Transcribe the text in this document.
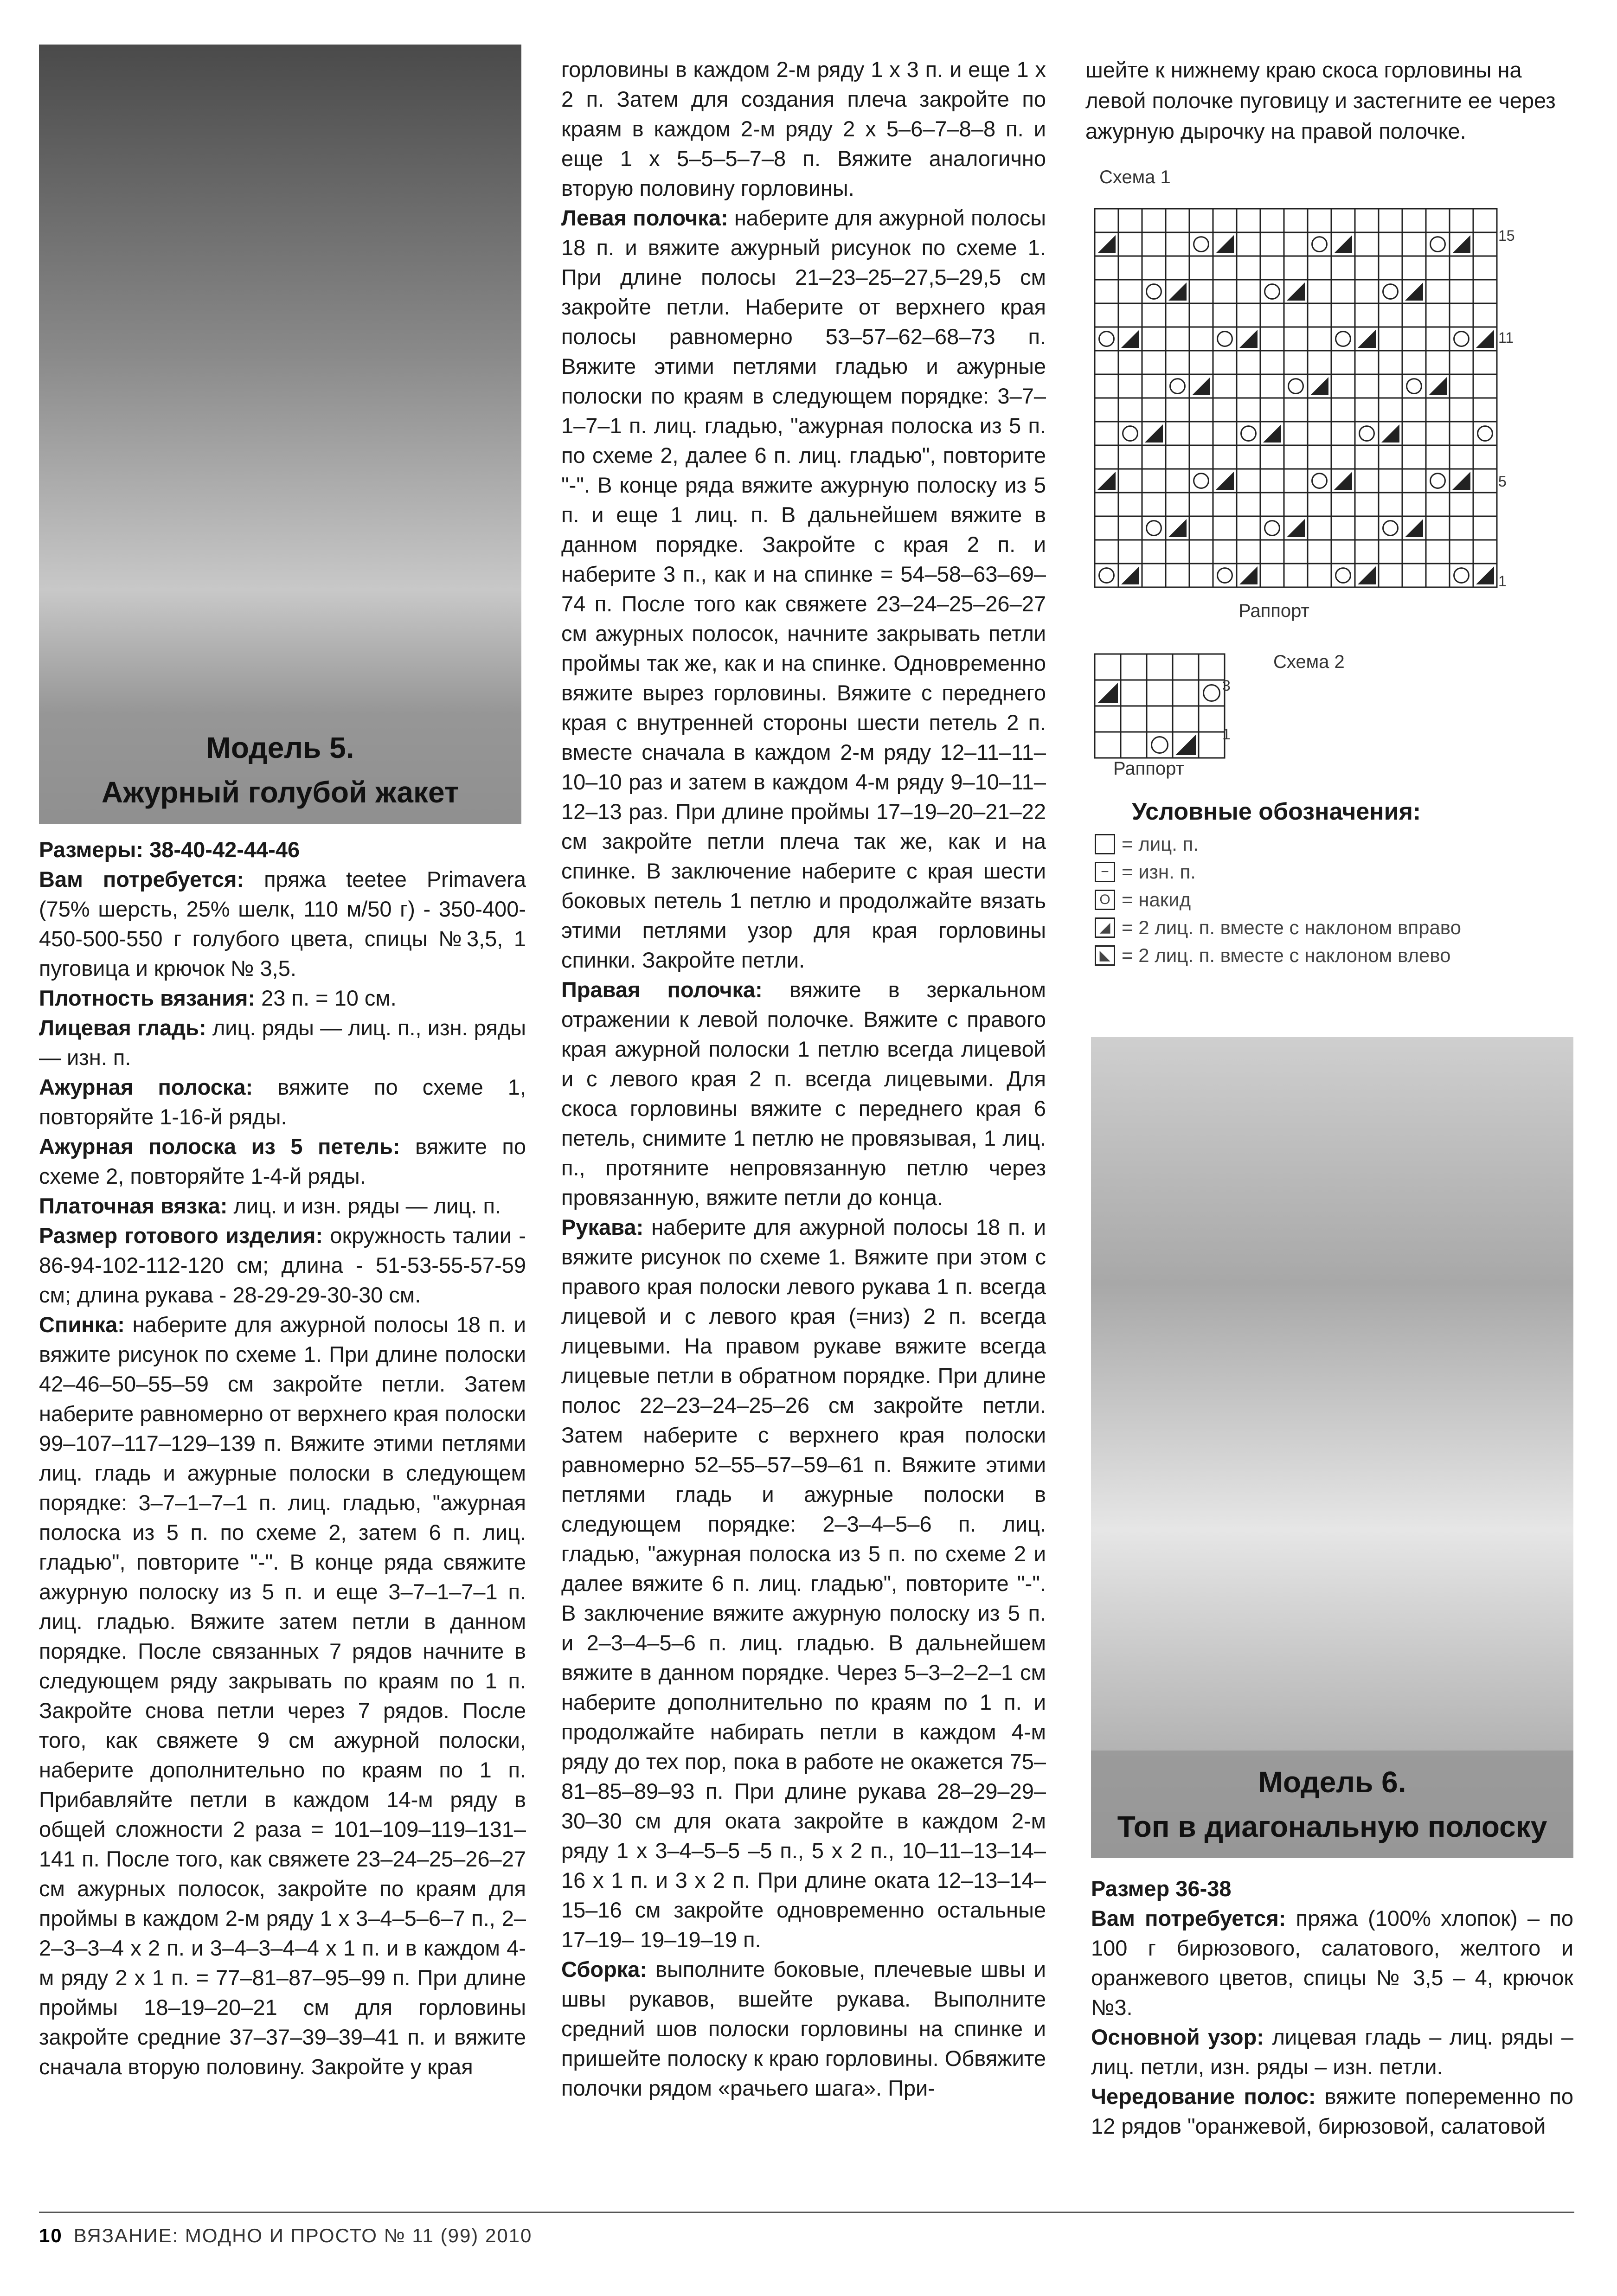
Модель 5.
Ажурный голубой жакет

Размеры: 38-40-42-44-46

Вам потребуется: пряжа teetee Primavera (75% шерсть, 25% шелк, 110 м/50 г) - 350-400-450-500-550 г голубого цвета, спицы №3,5, 1 пуговица и крючок № 3,5.

Плотность вязания: 23 п. = 10 см.

Лицевая гладь: лиц. ряды — лиц. п., изн. ряды — изн. п.

Ажурная полоска: вяжите по схеме 1, повторяйте 1-16-й ряды.

Ажурная полоска из 5 петель: вяжите по схеме 2, повторяйте 1-4-й ряды.

Платочная вязка: лиц. и изн. ряды — лиц. п.

Размер готового изделия: окружность талии - 86-94-102-112-120 см; длина - 51-53-55-57-59 см; длина рукава - 28-29-29-30-30 см.

Спинка: наберите для ажурной полосы 18 п. и вяжите рисунок по схеме 1. При длине полоски 42–46–50–55–59 см закройте петли. Затем наберите равномерно от верхнего края полоски 99–107–117–129–139 п. Вяжите этими петлями лиц. гладь и ажурные полоски в следующем порядке: 3–7–1–7–1 п. лиц. гладью, "ажурная полоска из 5 п. по схеме 2, затем 6 п. лиц. гладью", повторите "-". В конце ряда свяжите ажурную полоску из 5 п. и еще 3–7–1–7–1 п. лиц. гладью. Вяжите затем петли в данном порядке. После связанных 7 рядов начните в следующем ряду закрывать по краям по 1 п. Закройте снова петли через 7 рядов. После того, как свяжете 9 см ажурной полоски, наберите дополнительно по краям по 1 п. Прибавляйте петли в каждом 14-м ряду в общей сложности 2 раза = 101–109–119–131–141 п. После того, как свяжете 23–24–25–26–27 см ажурных полосок, закройте по краям для проймы в каждом 2-м ряду 1 х 3–4–5–6–7 п., 2–2–3–3–4 х 2 п. и 3–4–3–4–4 х 1 п. и в каждом 4-м ряду 2 х 1 п. = 77–81–87–95–99 п. При длине проймы 18–19–20–21 см для горловины закройте средние 37–37–39–39–41 п. и вяжите сначала вторую половину. Закройте у края

горловины в каждом 2-м ряду 1 х 3 п. и еще 1 х 2 п. Затем для создания плеча закройте по краям в каждом 2-м ряду 2 х 5–6–7–8–8 п. и еще 1 х 5–5–5–7–8 п. Вяжите аналогично вторую половину горловины.

Левая полочка: наберите для ажурной полосы 18 п. и вяжите ажурный рисунок по схеме 1. При длине полосы 21–23–25–27,5–29,5 см закройте петли. Наберите от верхнего края полосы равномерно 53–57–62–68–73 п. Вяжите этими петлями гладью и ажурные полоски по краям в следующем порядке: 3–7–1–7–1 п. лиц. гладью, "ажурная полоска из 5 п. по схеме 2, далее 6 п. лиц. гладью", повторите "-". В конце ряда вяжите ажурную полоску из 5 п. и еще 1 лиц. п. В дальнейшем вяжите в данном порядке. Закройте с края 2 п. и наберите 3 п., как и на спинке = 54–58–63–69–74 п. После того как свяжете 23–24–25–26–27 см ажурных полосок, начните закрывать петли проймы так же, как и на спинке. Одновременно вяжите вырез горловины. Вяжите с переднего края с внутренней стороны шести петель 2 п. вместе сначала в каждом 2-м ряду 12–11–11–10–10 раз и затем в каждом 4-м ряду 9–10–11–12–13 раз. При длине проймы 17–19–20–21–22 см закройте петли плеча так же, как и на спинке. В заключение наберите с края шести боковых петель 1 петлю и продолжайте вязать этими петлями узор для края горловины спинки. Закройте петли.

Правая полочка: вяжите в зеркальном отражении к левой полочке. Вяжите с правого края ажурной полоски 1 петлю всегда лицевой и с левого края 2 п. всегда лицевыми. Для скоса горловины вяжите с переднего края 6 петель, снимите 1 петлю не провязывая, 1 лиц. п., протяните непровязанную петлю через провязанную, вяжите петли до конца.

Рукава: наберите для ажурной полосы 18 п. и вяжите рисунок по схеме 1. Вяжите при этом с правого края полоски левого рукава 1 п. всегда лицевой и с левого края (=низ) 2 п. всегда лицевыми. На правом рукаве вяжите всегда лицевые петли в обратном порядке. При длине полос 22–23–24–25–26 см закройте петли. Затем наберите с верхнего края полоски равномерно 52–55–57–59–61 п. Вяжите этими петлями гладь и ажурные полоски в следующем порядке: 2–3–4–5–6 п. лиц. гладью, "ажурная полоска из 5 п. по схеме 2 и далее вяжите 6 п. лиц. гладью", повторите "-". В заключение вяжите ажурную полоску из 5 п. и 2–3–4–5–6 п. лиц. гладью. В дальнейшем вяжите в данном порядке. Через 5–3–2–2–1 см наберите дополнительно по краям по 1 п. и продолжайте набирать петли в каждом 4-м ряду до тех пор, пока в работе не окажется 75–81–85–89–93 п. При длине рукава 28–29–29– 30–30 см для оката закройте в каждом 2-м ряду 1 х 3–4–5–5 –5 п., 5 х 2 п., 10–11–13–14–16 х 1 п. и 3 х 2 п. При длине оката 12–13–14–15–16 см закройте одновременно остальные 17–19– 19–19–19 п.

Сборка: выполните боковые, плечевые швы и швы рукавов, вшейте рукава. Выполните средний шов полоски горловины на спинке и пришейте полоску к краю горловины. Обвяжите полочки рядом «рачьего шага». При-

шейте к нижнему краю скоса горловины на левой полочке пуговицу и застегните ее через ажурную дырочку на правой полочке.

Схема 1
15
11
5
1
Раппорт
Схема 2
3
1
Раппорт
Условные обозначения:
= лиц. п.
− = изн. п.
O = накид
◢ = 2 лиц. п. вместе с наклоном вправо
◣ = 2 лиц. п. вместе с наклоном влево
Модель 6.
Топ в диагональную полоску

Размер 36-38

Вам потребуется: пряжа (100% хлопок) – по 100 г бирюзового, салатового, желтого и оранжевого цветов, спицы № 3,5 – 4, крючок №3.

Основной узор: лицевая гладь – лиц. ряды – лиц. петли, изн. ряды – изн. петли.

Чередование полос: вяжите попеременно по 12 рядов "оранжевой, бирюзовой, салатовой

10 ВЯЗАНИЕ: МОДНО И ПРОСТО № 11 (99) 2010
